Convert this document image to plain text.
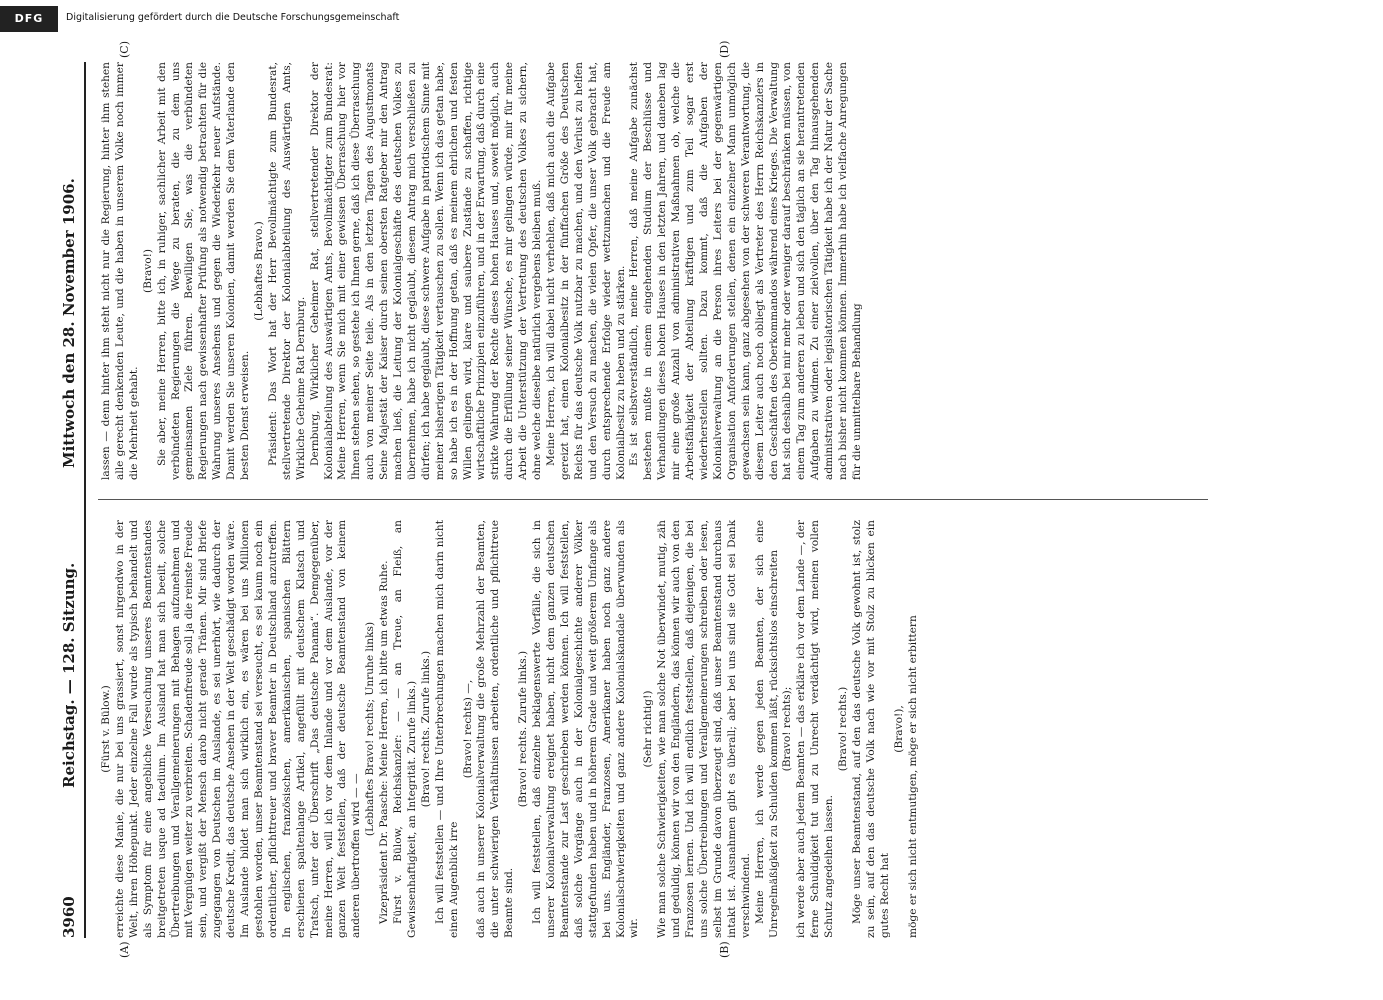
DFG	Digitalisierung gefördert durch die Deutsche Forschungsgemeinschaft
3960
Reichstag. — 128. Sitzung.
Mittwoch den 28. November 1906.
(A)	(B)
(C)	(D)

(Fürst v. Bülow.) erreichte diese Manie, die nur bei uns grassiert, sonst nirgendwo in der Welt, ihren Höhepunkt. Jeder einzelne Fall wurde als typisch behandelt und als Symptom für eine angebliche Verseuchung unseres Beamtenstandes breitgetreten usque ad taedium. Im Ausland hat man sich beeilt, solche Übertreibungen und Verallgemeinerungen mit Behagen aufzunehmen und mit Vergnügen weiter zu verbreiten. Schadenfreude soll ja die reinste Freude sein, und vergißt der Mensch darob nicht gerade Tränen. Mir sind Briefe zugegangen von Deutschen im Auslande, es sei unerhört, wie dadurch der deutsche Kredit, das deutsche Ansehen in der Welt geschädigt worden wäre. Im Auslande bildet man sich wirklich ein, es wären bei uns Millionen gestohlen worden, unser Beamtenstand sei verseucht, es sei kaum noch ein ordentlicher, pflichttreuer und braver Beamter in Deutschland anzutreffen. In englischen, französischen, amerikanischen, spanischen Blättern erschienen spaltenlange Artikel, angefüllt mit deutschem Klatsch und Tratsch, unter der Überschrift „Das deutsche Panama“. Demgegenüber, meine Herren, will ich vor dem Inlande und vor dem Auslande, vor der ganzen Welt feststellen, daß der deutsche Beamtenstand von keinem anderen übertroffen wird — —

(Lebhaftes Bravo! rechts; Unruhe links) Vizepräsident Dr. Paasche: Meine Herren, ich bitte um etwas Ruhe. Fürst v. Bülow, Reichskanzler: — — an Treue, an Fleiß, an Gewissenhaftigkeit, an Integrität. Zurufe links.) (Bravo! rechts. Zurufe links.) Ich will feststellen — und Ihre Unterbrechungen machen mich darin nicht einen Augenblick irre

(Bravo! rechts) —, daß auch in unserer Kolonialverwaltung die große Mehrzahl der Beamten, die unter schwierigen Verhältnissen arbeiten, ordentliche und pflichttreue Beamte sind.

(Bravo! rechts. Zurufe links.) Ich will feststellen, daß einzelne beklagenswerte Vorfälle, die sich in unserer Kolonialverwaltung ereignet haben, nicht dem ganzen deutschen Beamtenstande zur Last geschrieben werden können. Ich will feststellen, daß solche Vorgänge auch in der Kolonialgeschichte anderer Völker stattgefunden haben und in höherem Grade und weit größerem Umfange als bei uns. Engländer, Franzosen, Amerikaner haben noch ganz andere Kolonialschwierigkeiten und ganz andere Kolonialskandale überwunden als wir.

(Sehr richtig!) Wie man solche Schwierigkeiten, wie man solche Not überwindet, mutig, zäh und geduldig, können wir von den Engländern, das können wir auch von den Franzosen lernen. Und ich will endlich feststellen, daß diejenigen, die bei uns solche Übertreibungen und Verallgemeinerungen schreiben oder lesen, selbst im Grunde davon überzeugt sind, daß unser Beamtenstand durchaus intakt ist. Ausnahmen gibt es überall; aber bei uns sind sie Gott sei Dank verschwindend. Meine Herren, ich werde gegen jeden Beamten, der sich eine Unregelmäßigkeit zu Schulden kommen läßt, rücksichtslos einschreiten (Bravo! rechts); ich werde aber auch jedem Beamten — das erkläre ich vor dem Lande —, der ferne Schuldigkeit tut und zu Unrecht verdächtigt wird, meinen vollen Schutz angedeihen lassen.

(Bravo! rechts.) Möge unser Beamtenstand, auf den das deutsche Volk gewohnt ist, stolz zu sein, auf den das deutsche Volk nach wie vor mit Stolz zu blicken ein gutes Recht hat

(Bravo!), möge er sich nicht entmutigen, möge er sich nicht erbittern

lassen — denn hinter ihm steht nicht nur die Regierung, hinter ihm stehen alle gerecht denkenden Leute, und die haben in unserem Volke noch immer die Mehrheit gehabt.

(Bravo!) Sie aber, meine Herren, bitte ich, in ruhiger, sachlicher Arbeit mit den verbündeten Regierungen die Wege zu beraten, die zu dem uns gemeinsamen Ziele führen. Bewilligen Sie, was die verbündeten Regierungen nach gewissenhafter Prüfung als notwendig betrachten für die Wahrung unseres Ansehens und gegen die Wiederkehr neuer Aufstände. Damit werden Sie unseren Kolonien, damit werden Sie dem Vaterlande den besten Dienst erweisen.

(Lebhaftes Bravo.) Präsident: Das Wort hat der Herr Bevollmächtigte zum Bundesrat, stellvertretende Direktor der Kolonialabteilung des Auswärtigen Amts, Wirkliche Geheime Rat Dernburg. Dernburg, Wirklicher Geheimer Rat, stellvertretender Direktor der Kolonialabteilung des Auswärtigen Amts, Bevollmächtigter zum Bundesrat: Meine Herren, wenn Sie mich mit einer gewissen Überraschung hier vor Ihnen stehen sehen, so gestehe ich Ihnen gerne, daß ich diese Überraschung auch von meiner Seite teile. Als in den letzten Tagen des Augustmonats Seine Majestät der Kaiser durch seinen obersten Ratgeber mir den Antrag machen ließ, die Leitung der Kolonialgeschäfte des deutschen Volkes zu übernehmen, habe ich nicht geglaubt, diesem Antrag mich verschließen zu dürfen; ich habe geglaubt, diese schwere Aufgabe in patriotischem Sinne mit meiner bisherigen Tätigkeit vertauschen zu sollen. Wenn ich das getan habe, so habe ich es in der Hoffnung getan, daß es meinem ehrlichen und festen Willen gelingen wird, klare und saubere Zustände zu schaffen, richtige wirtschaftliche Prinzipien einzuführen, und in der Erwartung, daß durch eine strikte Wahrung der Rechte dieses hohen Hauses und, soweit möglich, auch durch die Erfüllung seiner Wünsche, es mir gelingen würde, mir für meine Arbeit die Unterstützung der Vertretung des deutschen Volkes zu sichern, ohne welche dieselbe natürlich vergebens bleiben muß. Meine Herren, ich will dabei nicht verhehlen, daß mich auch die Aufgabe gereizt hat, einen Kolonialbesitz in der fünffachen Größe des Deutschen Reichs für das deutsche Volk nutzbar zu machen, und den Verlust zu helfen und den Versuch zu machen, die vielen Opfer, die unser Volk gebracht hat, durch entsprechende Erfolge wieder wettzumachen und die Freude am Kolonialbesitz zu heben und zu stärken. Es ist selbstverständlich, meine Herren, daß meine Aufgabe zunächst bestehen mußte in einem eingehenden Studium der Beschlüsse und Verhandlungen dieses hohen Hauses in den letzten Jahren, und daneben lag mir eine große Anzahl von administrativen Maßnahmen ob, welche die Arbeitsfähigkeit der Abteilung kräftigen und zum Teil sogar erst wiederherstellen sollten. Dazu kommt, daß die Aufgaben der Kolonialverwaltung an die Person ihres Leiters bei der gegenwärtigen Organisation Anforderungen stellen, denen ein einzelner Mann unmöglich gewachsen sein kann, ganz abgesehen von der schweren Verantwortung, die diesem Leiter auch noch obliegt als Vertreter des Herrn Reichskanzlers in den Geschäften des Oberkommandos während eines Krieges. Die Verwaltung hat sich deshalb bei mir mehr oder weniger darauf beschränken müssen, von einem Tag zum anderen zu leben und sich den täglich an sie herantretenden Aufgaben zu widmen. Zu einer zielvollen, über den Tag hinausgehenden administrativen oder legislatorischen Tätigkeit habe ich der Natur der Sache nach bisher nicht kommen können. Immerhin habe ich vielfache Anregungen für die unmittelbare Behandlung
